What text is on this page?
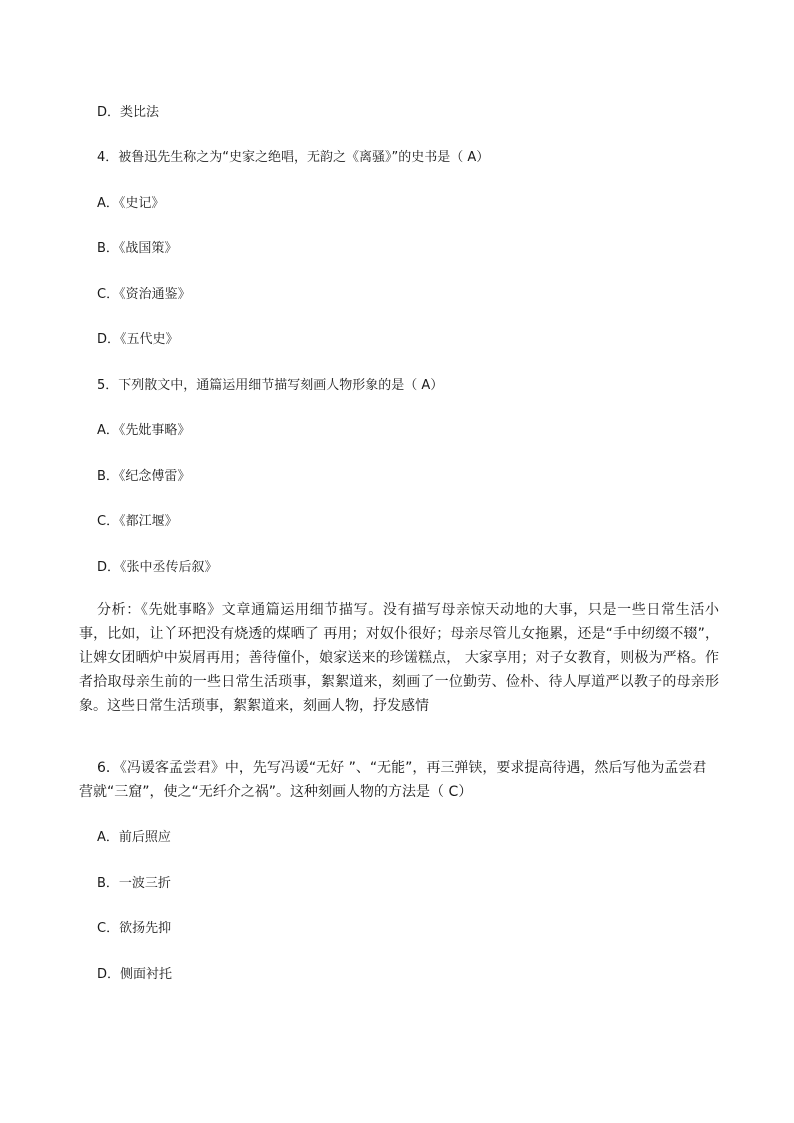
D．类比法
4．被鲁迅先生称之为“史家之绝唱，无韵之《离骚》”的史书是（ A）
A．《史记》
B．《战国策》
C．《资治通鉴》
D．《五代史》
5．下列散文中，通篇运用细节描写刻画人物形象的是（ A）
A．《先妣事略》
B．《纪念傅雷》
C．《都江堰》
D．《张中丞传后叙》

分析：《先妣事略》文章通篇运用细节描写。没有描写母亲惊天动地的大事，只是一些日常生活小事，比如，让丫环把没有烧透的煤晒了 再用；对奴仆很好；母亲尽管儿女拖累，还是“手中纫缀不辍”，让婢女团晒炉中炭屑再用；善待僮仆，娘家送来的珍馐糕点， 大家享用；对子女教育，则极为严格。作者拾取母亲生前的一些日常生活琐事，絮絮道来，刻画了一位勤劳、俭朴、待人厚道严以教子的母亲形象。这些日常生活琐事，絮絮道来，刻画人物，抒发感情

6．《冯谖客孟尝君》中，先写冯谖“无好 ”、“无能”，再三弹铗，要求提高待遇，然后写他为孟尝君营就“三窟”，使之“无纤介之祸”。这种刻画人物的方法是（ C）

A．前后照应
B．一波三折
C．欲扬先抑
D．侧面衬托
